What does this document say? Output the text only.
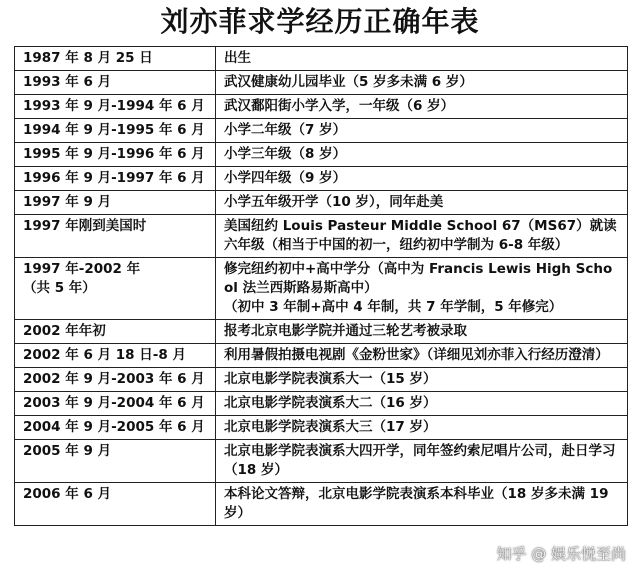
刘亦菲求学经历正确年表
1987 年 8 月 25 日	出生
1993 年 6 月	武汉健康幼儿园毕业（5 岁多未满 6 岁）
1993 年 9 月-1994 年 6 月	武汉鄱阳街小学入学，一年级（6 岁）
1994 年 9 月-1995 年 6 月	小学二年级（7 岁）
1995 年 9 月-1996 年 6 月	小学三年级（8 岁）
1996 年 9 月-1997 年 6 月	小学四年级（9 岁）
1997 年 9 月	小学五年级开学（10 岁），同年赴美
1997 年刚到美国时	美国纽约 Louis Pasteur Middle School 67（MS67）就读六年级（相当于中国的初一，纽约初中学制为 6-8 年级）
1997 年-2002 年
（共 5 年）	修完纽约初中+高中学分（高中为 Francis Lewis High School 法兰西斯路易斯高中）
（初中 3 年制+高中 4 年制，共 7 年学制，5 年修完）
2002 年年初	报考北京电影学院并通过三轮艺考被录取
2002 年 6 月 18 日-8 月	利用暑假拍摄电视剧《金粉世家》（详细见刘亦菲入行经历澄清）
2002 年 9 月-2003 年 6 月	北京电影学院表演系大一（15 岁）
2003 年 9 月-2004 年 6 月	北京电影学院表演系大二（16 岁）
2004 年 9 月-2005 年 6 月	北京电影学院表演系大三（17 岁）
2005 年 9 月	北京电影学院表演系大四开学，同年签约索尼唱片公司，赴日学习（18 岁）
2006 年 6 月	本科论文答辩，北京电影学院表演系本科毕业（18 岁多未满 19 岁）
知乎 @ 娱乐悦至尚
